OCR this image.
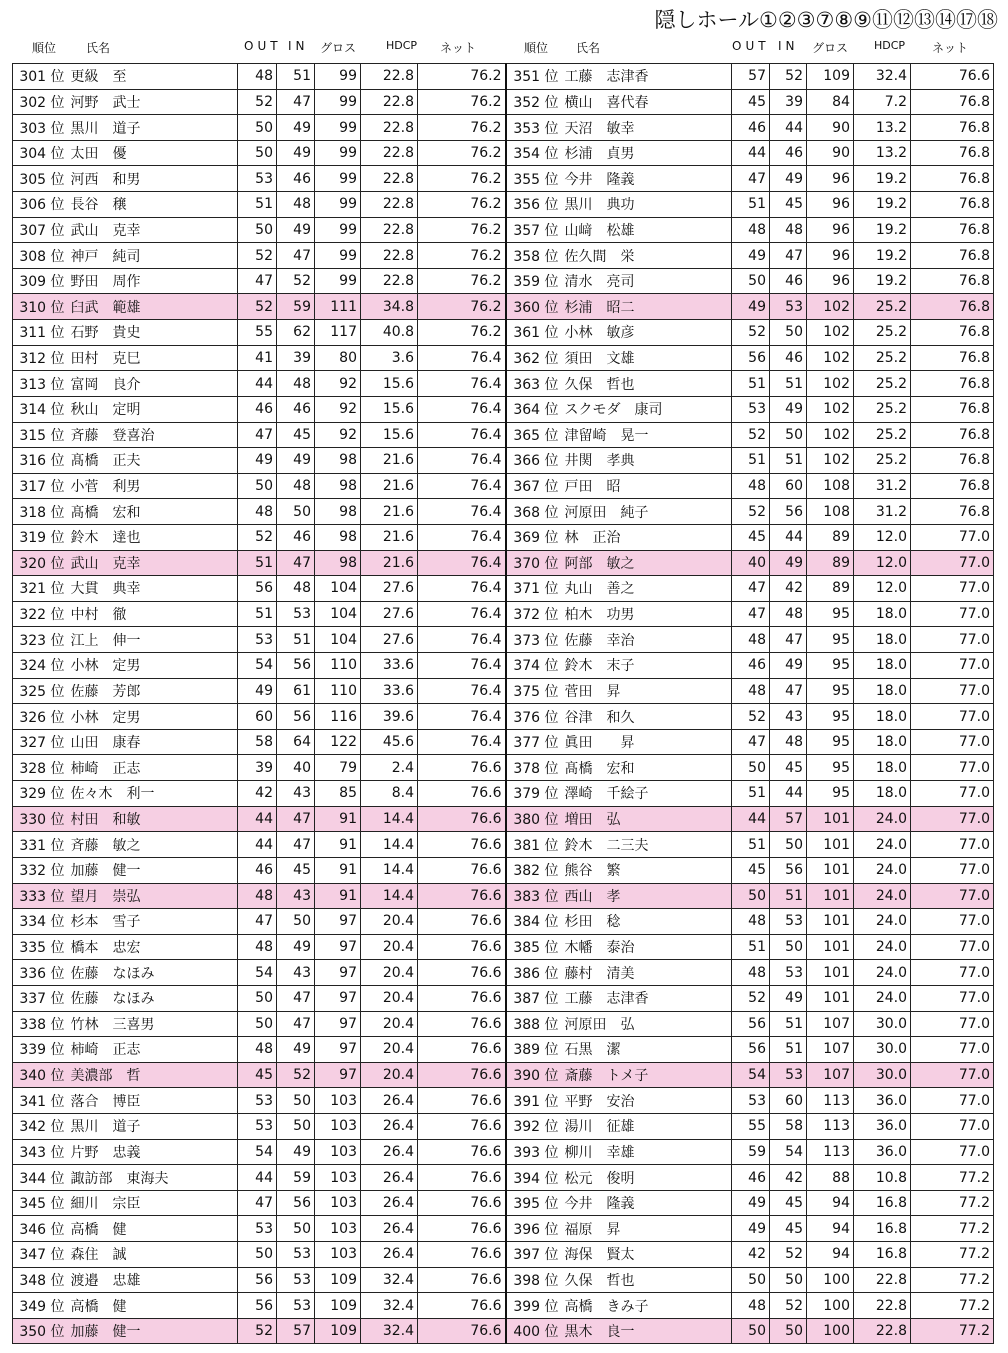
隠しホール①②③⑦⑧⑨⑪⑫⑬⑭⑰⑱
順位 氏名	OUT IN グロス	HDCP ネット	順位 氏名	OUT IN グロス HDCP ネット
301 位	更級　至	48	51	99	22.8	76.2	351 位	工藤　志津香	57	52	109	32.4	76.6
302 位	河野　武士	52	47	99	22.8	76.2	352 位	横山　喜代春	45	39	84	7.2	76.8
303 位	黒川　道子	50	49	99	22.8	76.2	353 位	天沼　敏幸	46	44	90	13.2	76.8
304 位	太田　優	50	49	99	22.8	76.2	354 位	杉浦　貞男	44	46	90	13.2	76.8
305 位	河西　和男	53	46	99	22.8	76.2	355 位	今井　隆義	47	49	96	19.2	76.8
306 位	長谷　穣	51	48	99	22.8	76.2	356 位	黒川　典功	51	45	96	19.2	76.8
307 位	武山　克幸	50	49	99	22.8	76.2	357 位	山﨑　松雄	48	48	96	19.2	76.8
308 位	神戸　純司	52	47	99	22.8	76.2	358 位	佐久間　栄	49	47	96	19.2	76.8
309 位	野田　周作	47	52	99	22.8	76.2	359 位	清水　亮司	50	46	96	19.2	76.8
310 位	臼武　範雄	52	59	111	34.8	76.2	360 位	杉浦　昭二	49	53	102	25.2	76.8
311 位	石野　貴史	55	62	117	40.8	76.2	361 位	小林　敏彦	52	50	102	25.2	76.8
312 位	田村　克巳	41	39	80	3.6	76.4	362 位	須田　文雄	56	46	102	25.2	76.8
313 位	富岡　良介	44	48	92	15.6	76.4	363 位	久保　哲也	51	51	102	25.2	76.8
314 位	秋山　定明	46	46	92	15.6	76.4	364 位	スクモダ　康司	53	49	102	25.2	76.8
315 位	斉藤　登喜治	47	45	92	15.6	76.4	365 位	津留崎　晃一	52	50	102	25.2	76.8
316 位	髙橋　正夫	49	49	98	21.6	76.4	366 位	井関　孝典	51	51	102	25.2	76.8
317 位	小菅　利男	50	48	98	21.6	76.4	367 位	戸田　昭	48	60	108	31.2	76.8
318 位	髙橋　宏和	48	50	98	21.6	76.4	368 位	河原田　純子	52	56	108	31.2	76.8
319 位	鈴木　達也	52	46	98	21.6	76.4	369 位	林　正治	45	44	89	12.0	77.0
320 位	武山　克幸	51	47	98	21.6	76.4	370 位	阿部　敏之	40	49	89	12.0	77.0
321 位	大貫　典幸	56	48	104	27.6	76.4	371 位	丸山　善之	47	42	89	12.0	77.0
322 位	中村　徹	51	53	104	27.6	76.4	372 位	柏木　功男	47	48	95	18.0	77.0
323 位	江上　伸一	53	51	104	27.6	76.4	373 位	佐藤　幸治	48	47	95	18.0	77.0
324 位	小林　定男	54	56	110	33.6	76.4	374 位	鈴木　末子	46	49	95	18.0	77.0
325 位	佐藤　芳郎	49	61	110	33.6	76.4	375 位	菅田　昇	48	47	95	18.0	77.0
326 位	小林　定男	60	56	116	39.6	76.4	376 位	谷津　和久	52	43	95	18.0	77.0
327 位	山田　康春	58	64	122	45.6	76.4	377 位	眞田　　昇	47	48	95	18.0	77.0
328 位	柿崎　正志	39	40	79	2.4	76.6	378 位	髙橋　宏和	50	45	95	18.0	77.0
329 位	佐々木　利一	42	43	85	8.4	76.6	379 位	澤崎　千絵子	51	44	95	18.0	77.0
330 位	村田　和敏	44	47	91	14.4	76.6	380 位	増田　弘	44	57	101	24.0	77.0
331 位	斉藤　敏之	44	47	91	14.4	76.6	381 位	鈴木　二三夫	51	50	101	24.0	77.0
332 位	加藤　健一	46	45	91	14.4	76.6	382 位	熊谷　繁	45	56	101	24.0	77.0
333 位	望月　崇弘	48	43	91	14.4	76.6	383 位	西山　孝	50	51	101	24.0	77.0
334 位	杉本　雪子	47	50	97	20.4	76.6	384 位	杉田　稔	48	53	101	24.0	77.0
335 位	橋本　忠宏	48	49	97	20.4	76.6	385 位	木幡　泰治	51	50	101	24.0	77.0
336 位	佐藤　なほみ	54	43	97	20.4	76.6	386 位	藤村　清美	48	53	101	24.0	77.0
337 位	佐藤　なほみ	50	47	97	20.4	76.6	387 位	工藤　志津香	52	49	101	24.0	77.0
338 位	竹林　三喜男	50	47	97	20.4	76.6	388 位	河原田　弘	56	51	107	30.0	77.0
339 位	柿崎　正志	48	49	97	20.4	76.6	389 位	石黒　潔	56	51	107	30.0	77.0
340 位	美濃部　哲	45	52	97	20.4	76.6	390 位	斎藤　トメ子	54	53	107	30.0	77.0
341 位	落合　博臣	53	50	103	26.4	76.6	391 位	平野　安治	53	60	113	36.0	77.0
342 位	黒川　道子	53	50	103	26.4	76.6	392 位	湯川　征雄	55	58	113	36.0	77.0
343 位	片野　忠義	54	49	103	26.4	76.6	393 位	柳川　幸雄	59	54	113	36.0	77.0
344 位	諏訪部　東海夫	44	59	103	26.4	76.6	394 位	松元　俊明	46	42	88	10.8	77.2
345 位	細川　宗臣	47	56	103	26.4	76.6	395 位	今井　隆義	49	45	94	16.8	77.2
346 位	高橋　健	53	50	103	26.4	76.6	396 位	福原　昇	49	45	94	16.8	77.2
347 位	森住　誠	50	53	103	26.4	76.6	397 位	海保　賢太	42	52	94	16.8	77.2
348 位	渡邉　忠雄	56	53	109	32.4	76.6	398 位	久保　哲也	50	50	100	22.8	77.2
349 位	高橋　健	56	53	109	32.4	76.6	399 位	高橋　きみ子	48	52	100	22.8	77.2
350 位	加藤　健一	52	57	109	32.4	76.6	400 位	黒木　良一	50	50	100	22.8	77.2
